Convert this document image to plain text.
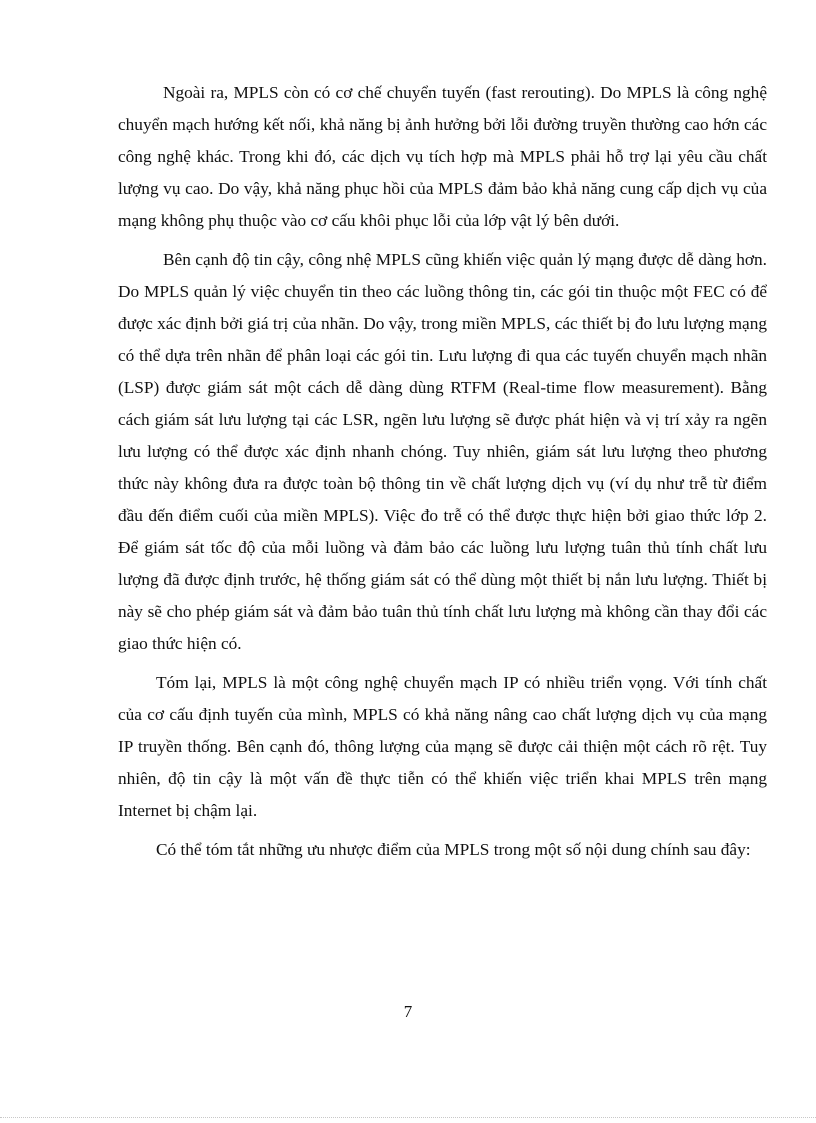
Ngoài ra, MPLS còn có cơ chế chuyển tuyến (fast rerouting). Do MPLS là công nghệ chuyển mạch hướng kết nối, khả năng bị ảnh hưởng bởi lỗi đường truyền thường cao hớn các công nghệ khác. Trong khi đó, các dịch vụ tích hợp mà MPLS phải hỗ trợ lại yêu cầu chất lượng vụ cao. Do vậy, khả năng phục hồi của MPLS đảm bảo khả năng cung cấp dịch vụ của mạng không phụ thuộc vào cơ cấu khôi phục lỗi của lớp vật lý bên dưới.

Bên cạnh độ tin cậy, công nhệ MPLS cũng khiến việc quản lý mạng được dễ dàng hơn. Do MPLS quản lý việc chuyển tin theo các luồng thông tin, các gói tin thuộc một FEC có để được xác định bởi giá trị của nhãn. Do vậy, trong miền MPLS, các thiết bị đo lưu lượng mạng có thể dựa trên nhãn để phân loại các gói tin. Lưu lượng đi qua các tuyến chuyển mạch nhãn (LSP) được giám sát một cách dễ dàng dùng RTFM (Real-time flow measurement). Bằng cách giám sát lưu lượng tại các LSR, ngẽn lưu lượng sẽ được phát hiện và vị trí xảy ra ngẽn lưu lượng có thể được xác định nhanh chóng. Tuy nhiên, giám sát lưu lượng theo phương thức này không đưa ra được toàn bộ thông tin về chất lượng dịch vụ (ví dụ như trễ từ điểm đầu đến điểm cuối của miền MPLS). Việc đo trễ có thể được thực hiện bởi giao thức lớp 2. Để giám sát tốc độ của mỗi luồng và đảm bảo các luồng lưu lượng tuân thủ tính chất lưu lượng đã được định trước, hệ thống giám sát có thể dùng một thiết bị nắn lưu lượng. Thiết bị này sẽ cho phép giám sát và đảm bảo tuân thủ tính chất lưu lượng mà không cần thay đổi các giao thức hiện có.

Tóm lại, MPLS là một công nghệ chuyển mạch IP có nhiều triển vọng. Với tính chất của cơ cấu định tuyến của mình, MPLS có khả năng nâng cao chất lượng dịch vụ của mạng IP truyền thống. Bên cạnh đó, thông lượng của mạng sẽ được cải thiện một cách rõ rệt. Tuy nhiên, độ tin cậy là một vấn đề thực tiễn có thể khiến việc triển khai MPLS trên mạng Internet bị chậm lại.

Có thể tóm tắt những ưu nhược điểm của MPLS trong một số nội dung chính sau đây:

7
